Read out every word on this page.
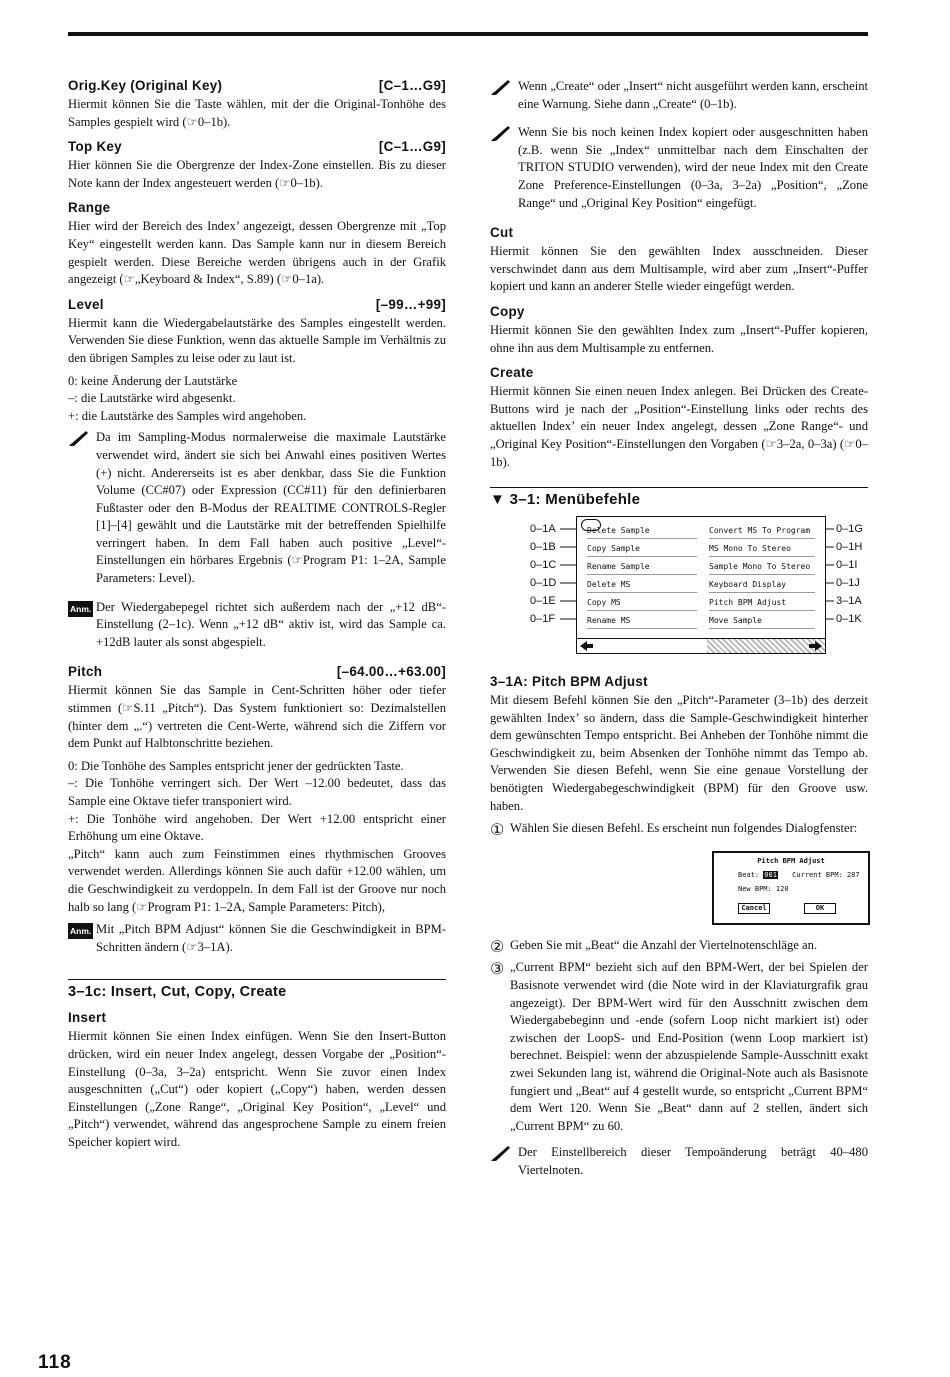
Orig.Key (Original Key)	[C–1…G9]

Hiermit können Sie die Taste wählen, mit der die Original-Tonhöhe des Samples gespielt wird (☞0–1b).

Top Key	[C–1…G9]

Hier können Sie die Obergrenze der Index-Zone einstellen. Bis zu dieser Note kann der Index angesteuert werden (☞0–1b).

Range

Hier wird der Bereich des Index’ angezeigt, dessen Obergrenze mit „Top Key“ eingestellt werden kann. Das Sample kann nur in diesem Bereich gespielt werden. Diese Bereiche werden übrigens auch in der Grafik angezeigt (☞„Keyboard & Index“, S.89) (☞0–1a).

Level	[–99…+99]

Hiermit kann die Wiedergabelautstärke des Samples eingestellt werden. Verwenden Sie diese Funktion, wenn das aktuelle Sample im Verhältnis zu den übrigen Samples zu leise oder zu laut ist.

0: keine Änderung der Lautstärke

–: die Lautstärke wird abgesenkt.

+: die Lautstärke des Samples wird angehoben.

Da im Sampling-Modus normalerweise die maximale Lautstärke verwendet wird, ändert sie sich bei Anwahl eines positiven Wertes (+) nicht. Andererseits ist es aber denkbar, dass Sie die Funktion Volume (CC#07) oder Expression (CC#11) für den definierbaren Fußtaster oder den B-Modus der REALTIME CONTROLS-Regler [1]–[4] gewählt und die Lautstärke mit der betreffenden Spielhilfe verringert haben. In dem Fall haben auch positive „Level“-Einstellungen ein hörbares Ergebnis (☞Program P1: 1–2A, Sample Parameters: Level).

Anm. Der Wiedergabepegel richtet sich außerdem nach der „+12 dB“-Einstellung (2–1c). Wenn „+12 dB“ aktiv ist, wird das Sample ca. +12dB lauter als sonst abgespielt.

Pitch	[–64.00…+63.00]

Hiermit können Sie das Sample in Cent-Schritten höher oder tiefer stimmen (☞S.11 „Pitch“). Das System funktioniert so: Dezimalstellen (hinter dem „.“) vertreten die Cent-Werte, während sich die Ziffern vor dem Punkt auf Halbtonschritte beziehen.

0: Die Tonhöhe des Samples entspricht jener der gedrückten Taste.

–: Die Tonhöhe verringert sich. Der Wert –12.00 bedeutet, dass das Sample eine Oktave tiefer transponiert wird.

+: Die Tonhöhe wird angehoben. Der Wert +12.00 entspricht einer Erhöhung um eine Oktave.

„Pitch“ kann auch zum Feinstimmen eines rhythmischen Grooves verwendet werden. Allerdings können Sie auch dafür +12.00 wählen, um die Geschwindigkeit zu verdoppeln. In dem Fall ist der Groove nur noch halb so lang (☞Program P1: 1–2A, Sample Parameters: Pitch),

Anm. Mit „Pitch BPM Adjust“ können Sie die Geschwindigkeit in BPM-Schritten ändern (☞3–1A).

3–1c: Insert, Cut, Copy, Create
Insert

Hiermit können Sie einen Index einfügen. Wenn Sie den Insert-Button drücken, wird ein neuer Index angelegt, dessen Vorgabe der „Position“-Einstellung (0–3a, 3–2a) entspricht. Wenn Sie zuvor einen Index ausgeschnitten („Cut“) oder kopiert („Copy“) haben, werden dessen Einstellungen („Zone Range“, „Original Key Position“, „Level“ und „Pitch“) verwendet, während das angesprochene Sample zu einem freien Speicher kopiert wird.

Wenn „Create“ oder „Insert“ nicht ausgeführt werden kann, erscheint eine Warnung. Siehe dann „Create“ (0–1b).

Wenn Sie bis noch keinen Index kopiert oder ausgeschnitten haben (z.B. wenn Sie „Index“ unmittelbar nach dem Einschalten der TRITON STUDIO verwenden), wird der neue Index mit den Create Zone Preference-Einstellungen (0–3a, 3–2a) „Position“, „Zone Range“ und „Original Key Position“ eingefügt.

Cut

Hiermit können Sie den gewählten Index ausschneiden. Dieser verschwindet dann aus dem Multisample, wird aber zum „Insert“-Puffer kopiert und kann an anderer Stelle wieder eingefügt werden.

Copy

Hiermit können Sie den gewählten Index zum „Insert“-Puffer kopieren, ohne ihn aus dem Multisample zu entfernen.

Create

Hiermit können Sie einen neuen Index anlegen. Bei Drücken des Create-Buttons wird je nach der „Position“-Einstellung links oder rechts des aktuellen Index’ ein neuer Index angelegt, dessen „Zone Range“- und „Original Key Position“-Einstellungen den Vorgaben (☞3–2a, 0–3a) (☞0–1b).

▼ 3–1: Menübefehle
0–1A
0–1B
0–1C
0–1D
0–1E
0–1F
0–1G
0–1H
0–1I
0–1J
3–1A
0–1K
Delete Sample
Copy Sample
Rename Sample
Delete MS
Copy MS
Rename MS
Convert MS To Program
MS Mono To Stereo
Sample Mono To Stereo
Keyboard Display
Pitch BPM Adjust
Move Sample
3–1A: Pitch BPM Adjust

Mit diesem Befehl können Sie den „Pitch“-Parameter (3–1b) des derzeit gewählten Index’ so ändern, dass die Sample-Geschwindigkeit hinterher dem gewünschten Tempo entspricht. Bei Anheben der Tonhöhe nimmt die Geschwindigkeit zu, beim Absenken der Tonhöhe nimmt das Tempo ab. Verwenden Sie diesen Befehl, wenn Sie eine genaue Vorstellung der benötigten Wiedergabegeschwindigkeit (BPM) für den Groove usw. haben.

① Wählen Sie diesen Befehl. Es erscheint nun folgendes Dialogfenster:

Pitch BPM Adjust
Beat: 001 Current BPM: 287
New BPM: 120
Cancel	OK
② Geben Sie mit „Beat“ die Anzahl der Viertelnotenschläge an.

③ „Current BPM“ bezieht sich auf den BPM-Wert, der bei Spielen der Basisnote verwendet wird (die Note wird in der Klaviaturgrafik grau angezeigt). Der BPM-Wert wird für den Ausschnitt zwischen dem Wiedergabebeginn und -ende (sofern Loop nicht markiert ist) oder zwischen der LoopS- und End-Position (wenn Loop markiert ist) berechnet. Beispiel: wenn der abzuspielende Sample-Ausschnitt exakt zwei Sekunden lang ist, während die Original-Note auch als Basisnote fungiert und „Beat“ auf 4 gestellt wurde, so entspricht „Current BPM“ dem Wert 120. Wenn Sie „Beat“ dann auf 2 stellen, ändert sich „Current BPM“ zu 60.

Der Einstellbereich dieser Tempoänderung beträgt 40–480 Viertelnoten.

118
